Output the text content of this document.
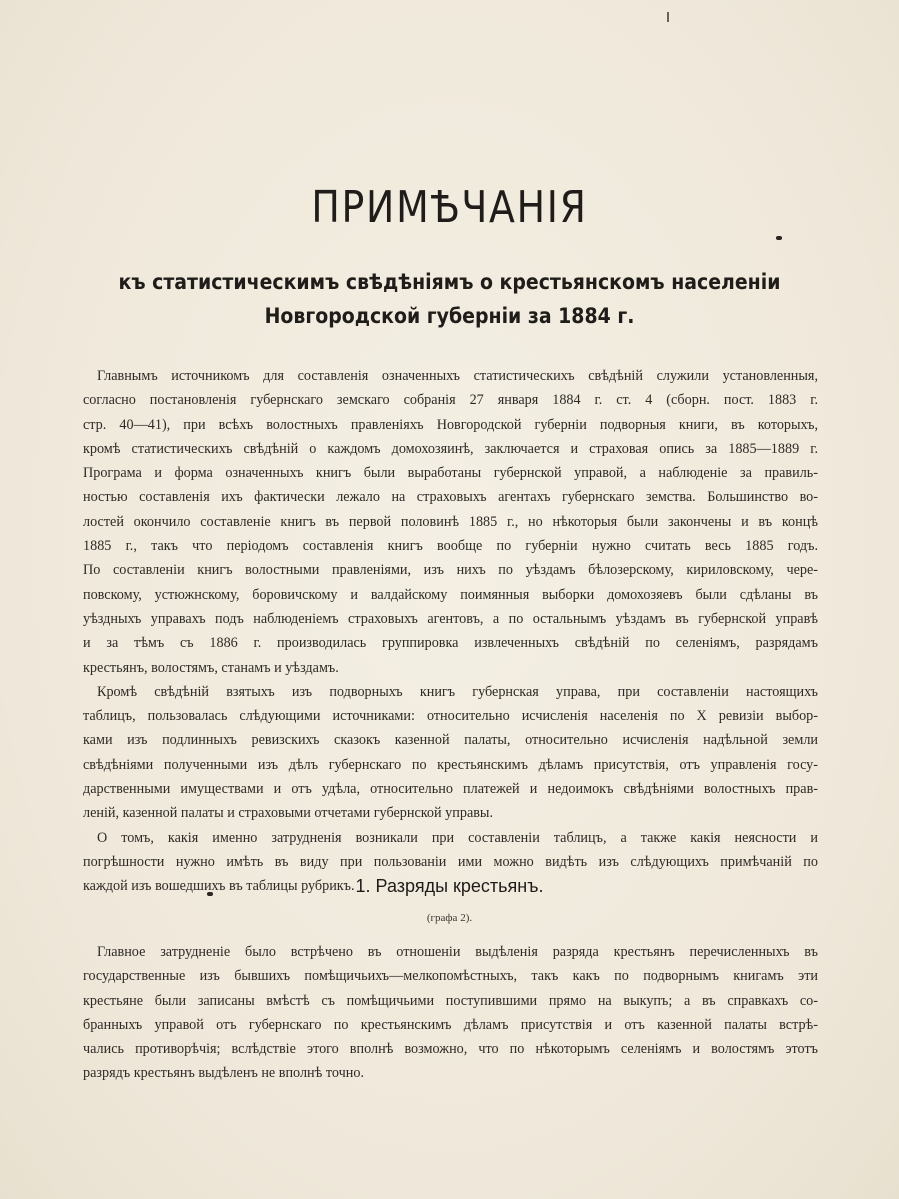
ПРИМѢЧАНІЯ
къ статистическимъ свѣдѣніямъ о крестьянскомъ населеніи
Новгородской губерніи за 1884 г.
Главнымъ источникомъ для составленія означенныхъ статистическихъ свѣдѣній служили установленныя,
согласно постановленія губернскаго земскаго собранія 27 января 1884 г. ст. 4 (сборн. пост. 1883 г.
стр. 40—41), при всѣхъ волостныхъ правленіяхъ Новгородской губерніи подворныя книги, въ которыхъ,
кромѣ статистическихъ свѣдѣній о каждомъ домохозяинѣ, заключается и страховая опись за 1885—1889 г.
Програма и форма означенныхъ книгъ были выработаны губернской управой, а наблюденіе за правиль-
ностью составленія ихъ фактически лежало на страховыхъ агентахъ губернскаго земства. Большинство во-
лостей окончило составленіе книгъ въ первой половинѣ 1885 г., но нѣкоторыя были закончены и въ концѣ
1885 г., такъ что періодомъ составленія книгъ вообще по губерніи нужно считать весь 1885 годъ.
По составленіи книгъ волостными правленіями, изъ нихъ по уѣздамъ бѣлозерскому, кириловскому, чере-
повскому, устюжнскому, боровичскому и валдайскому поимянныя выборки домохозяевъ были сдѣланы въ
уѣздныхъ управахъ подъ наблюденіемъ страховыхъ агентовъ, а по остальнымъ уѣздамъ въ губернской управѣ
и за тѣмъ съ 1886 г. производилась группировка извлеченныхъ свѣдѣній по селеніямъ, разрядамъ
крестьянъ, волостямъ, станамъ и уѣздамъ.
Кромѣ свѣдѣній взятыхъ изъ подворныхъ книгъ губернская управа, при составленіи настоящихъ
таблицъ, пользовалась слѣдующими источниками: относительно исчисленія населенія по X ревизіи выбор-
ками изъ подлинныхъ ревизскихъ сказокъ казенной палаты, относительно исчисленія надѣльной земли
свѣдѣніями полученными изъ дѣлъ губернскаго по крестьянскимъ дѣламъ присутствія, отъ управленія госу-
дарственными имуществами и отъ удѣла, относительно платежей и недоимокъ свѣдѣніями волостныхъ прав-
леній, казенной палаты и страховыми отчетами губернской управы.
О томъ, какія именно затрудненія возникали при составленіи таблицъ, а также какія неясности и
погрѣшности нужно имѣть въ виду при пользованіи ими можно видѣть изъ слѣдующихъ примѣчаній по
каждой изъ вошедшихъ въ таблицы рубрикъ. 1. Разряды крестьянъ.
(графа 2).
Главное затрудненіе было встрѣчено въ отношеніи выдѣленія разряда крестьянъ перечисленныхъ въ
государственные изъ бывшихъ помѣщичьихъ—мелкопомѣстныхъ, такъ какъ по подворнымъ книгамъ эти
крестьяне были записаны вмѣстѣ съ помѣщичьими поступившими прямо на выкупъ; а въ справкахъ со-
бранныхъ управой отъ губернскаго по крестьянскимъ дѣламъ присутствія и отъ казенной палаты встрѣ-
чались противорѣчія; вслѣдствіе этого вполнѣ возможно, что по нѣкоторымъ селеніямъ и волостямъ этотъ
разрядъ крестьянъ выдѣленъ не вполнѣ точно.
